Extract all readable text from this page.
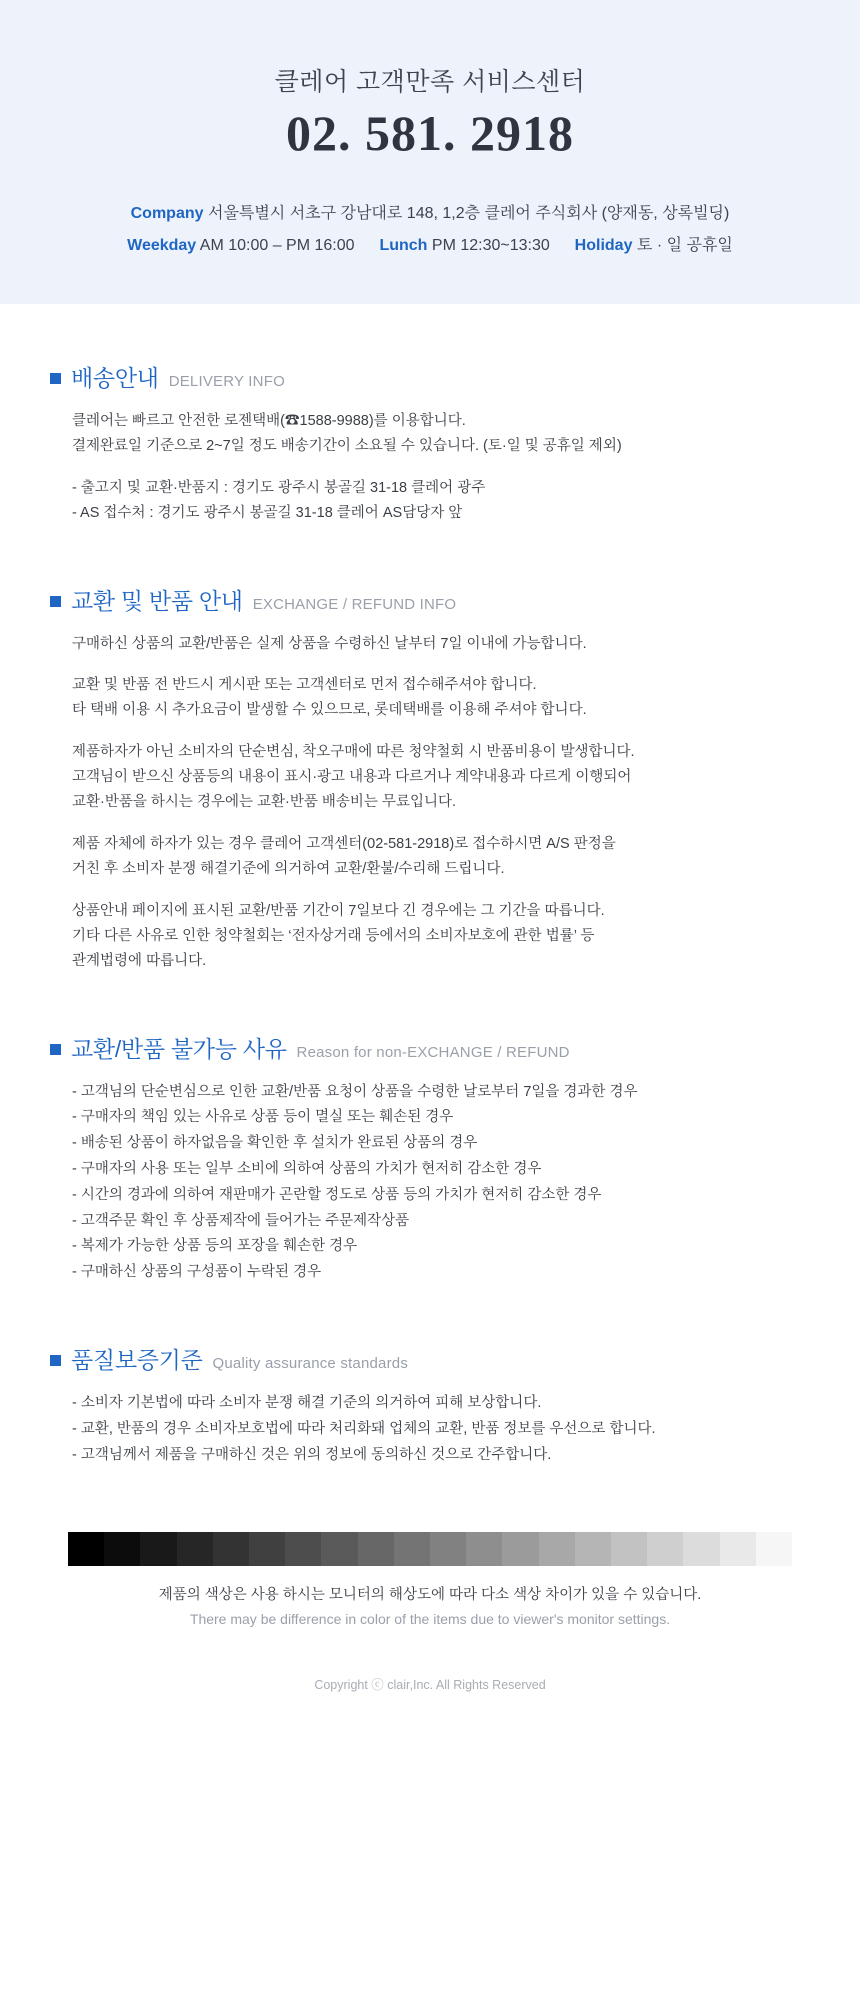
클레어 고객만족 서비스센터
02. 581. 2918
Company 서울특별시 서초구 강남대로 148, 1,2층 클레어 주식회사 (양재동, 상록빌딩)
Weekday AM 10:00 – PM 16:00 Lunch PM 12:30~13:30 Holiday 토 · 일 공휴일
배송안내 DELIVERY INFO
클레어는 빠르고 안전한 로젠택배(☎1588-9988)를 이용합니다.
결제완료일 기준으로 2~7일 정도 배송기간이 소요될 수 있습니다. (토·일 및 공휴일 제외)
- 출고지 및 교환·반품지 : 경기도 광주시 봉골길 31-18 클레어 광주
- AS 접수처 : 경기도 광주시 봉골길 31-18 클레어 AS담당자 앞
교환 및 반품 안내 EXCHANGE / REFUND INFO
구매하신 상품의 교환/반품은 실제 상품을 수령하신 날부터 7일 이내에 가능합니다.
교환 및 반품 전 반드시 게시판 또는 고객센터로 먼저 접수해주셔야 합니다.
타 택배 이용 시 추가요금이 발생할 수 있으므로, 롯데택배를 이용해 주셔야 합니다.
제품하자가 아닌 소비자의 단순변심, 착오구매에 따른 청약철회 시 반품비용이 발생합니다.
고객님이 받으신 상품등의 내용이 표시·광고 내용과 다르거나 계약내용과 다르게 이행되어
교환·반품을 하시는 경우에는 교환·반품 배송비는 무료입니다.
제품 자체에 하자가 있는 경우 클레어 고객센터(02-581-2918)로 접수하시면 A/S 판정을
거친 후 소비자 분쟁 해결기준에 의거하여 교환/환불/수리해 드립니다.
상품안내 페이지에 표시된 교환/반품 기간이 7일보다 긴 경우에는 그 기간을 따릅니다.
기타 다른 사유로 인한 청약철회는 ‘전자상거래 등에서의 소비자보호에 관한 법률’ 등
관계법령에 따릅니다.
교환/반품 불가능 사유 Reason for non-EXCHANGE / REFUND
- 고객님의 단순변심으로 인한 교환/반품 요청이 상품을 수령한 날로부터 7일을 경과한 경우
- 구매자의 책임 있는 사유로 상품 등이 멸실 또는 훼손된 경우
- 배송된 상품이 하자없음을 확인한 후 설치가 완료된 상품의 경우
- 구매자의 사용 또는 일부 소비에 의하여 상품의 가치가 현저히 감소한 경우
- 시간의 경과에 의하여 재판매가 곤란할 정도로 상품 등의 가치가 현저히 감소한 경우
- 고객주문 확인 후 상품제작에 들어가는 주문제작상품
- 복제가 가능한 상품 등의 포장을 훼손한 경우
- 구매하신 상품의 구성품이 누락된 경우
품질보증기준 Quality assurance standards
- 소비자 기본법에 따라 소비자 분쟁 해결 기준의 의거하여 피해 보상합니다.
- 교환, 반품의 경우 소비자보호법에 따라 처리화돼 업체의 교환, 반품 정보를 우선으로 합니다.
- 고객님께서 제품을 구매하신 것은 위의 정보에 동의하신 것으로 간주합니다.
제품의 색상은 사용 하시는 모니터의 해상도에 따라 다소 색상 차이가 있을 수 있습니다.
There may be difference in color of the items due to viewer's monitor settings.
Copyright ⓒ clair,Inc. All Rights Reserved
